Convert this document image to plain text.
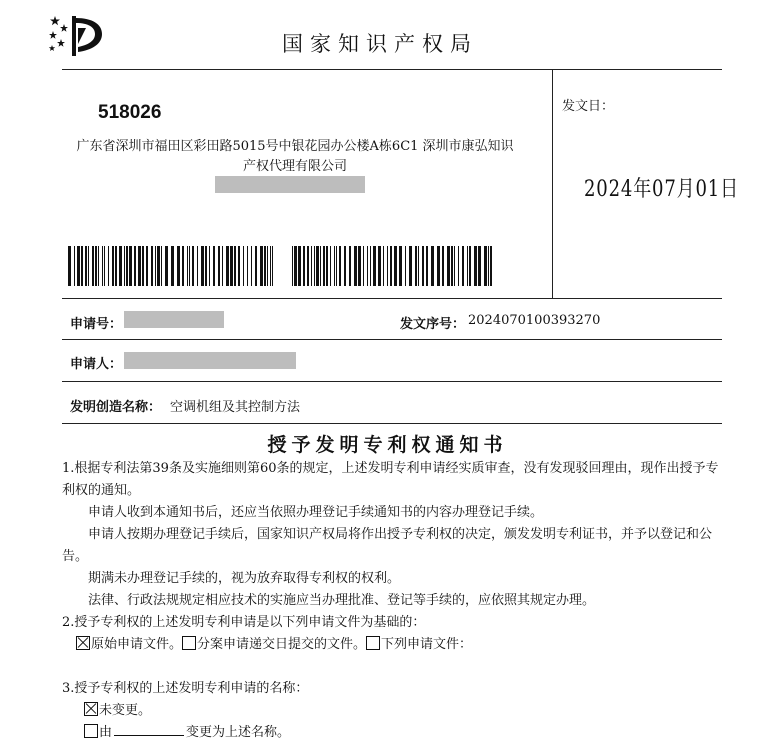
国家知识产权局
518026
广东省深圳市福田区彩田路5015号中银花园办公楼A栋6C1 深圳市康弘知识产权代理有限公司
发文日：
2024年07月01日
申请号：	发文序号： 2024070100393270
申请人：
发明创造名称： 空调机组及其控制方法
授予发明专利权通知书

1.根据专利法第39条及实施细则第60条的规定，上述发明专利申请经实质审查，没有发现驳回理由，现作出授予专利权的通知。

申请人收到本通知书后，还应当依照办理登记手续通知书的内容办理登记手续。

申请人按期办理登记手续后，国家知识产权局将作出授予专利权的决定，颁发发明专利证书，并予以登记和公告。

期满未办理登记手续的，视为放弃取得专利权的权利。

法律、行政法规规定相应技术的实施应当办理批准、登记等手续的，应依照其规定办理。

2.授予专利权的上述发明专利申请是以下列申请文件为基础的：

原始申请文件。 分案申请递交日提交的文件。 下列申请文件：

3.授予专利权的上述发明专利申请的名称：

未变更。

由	变更为上述名称。
